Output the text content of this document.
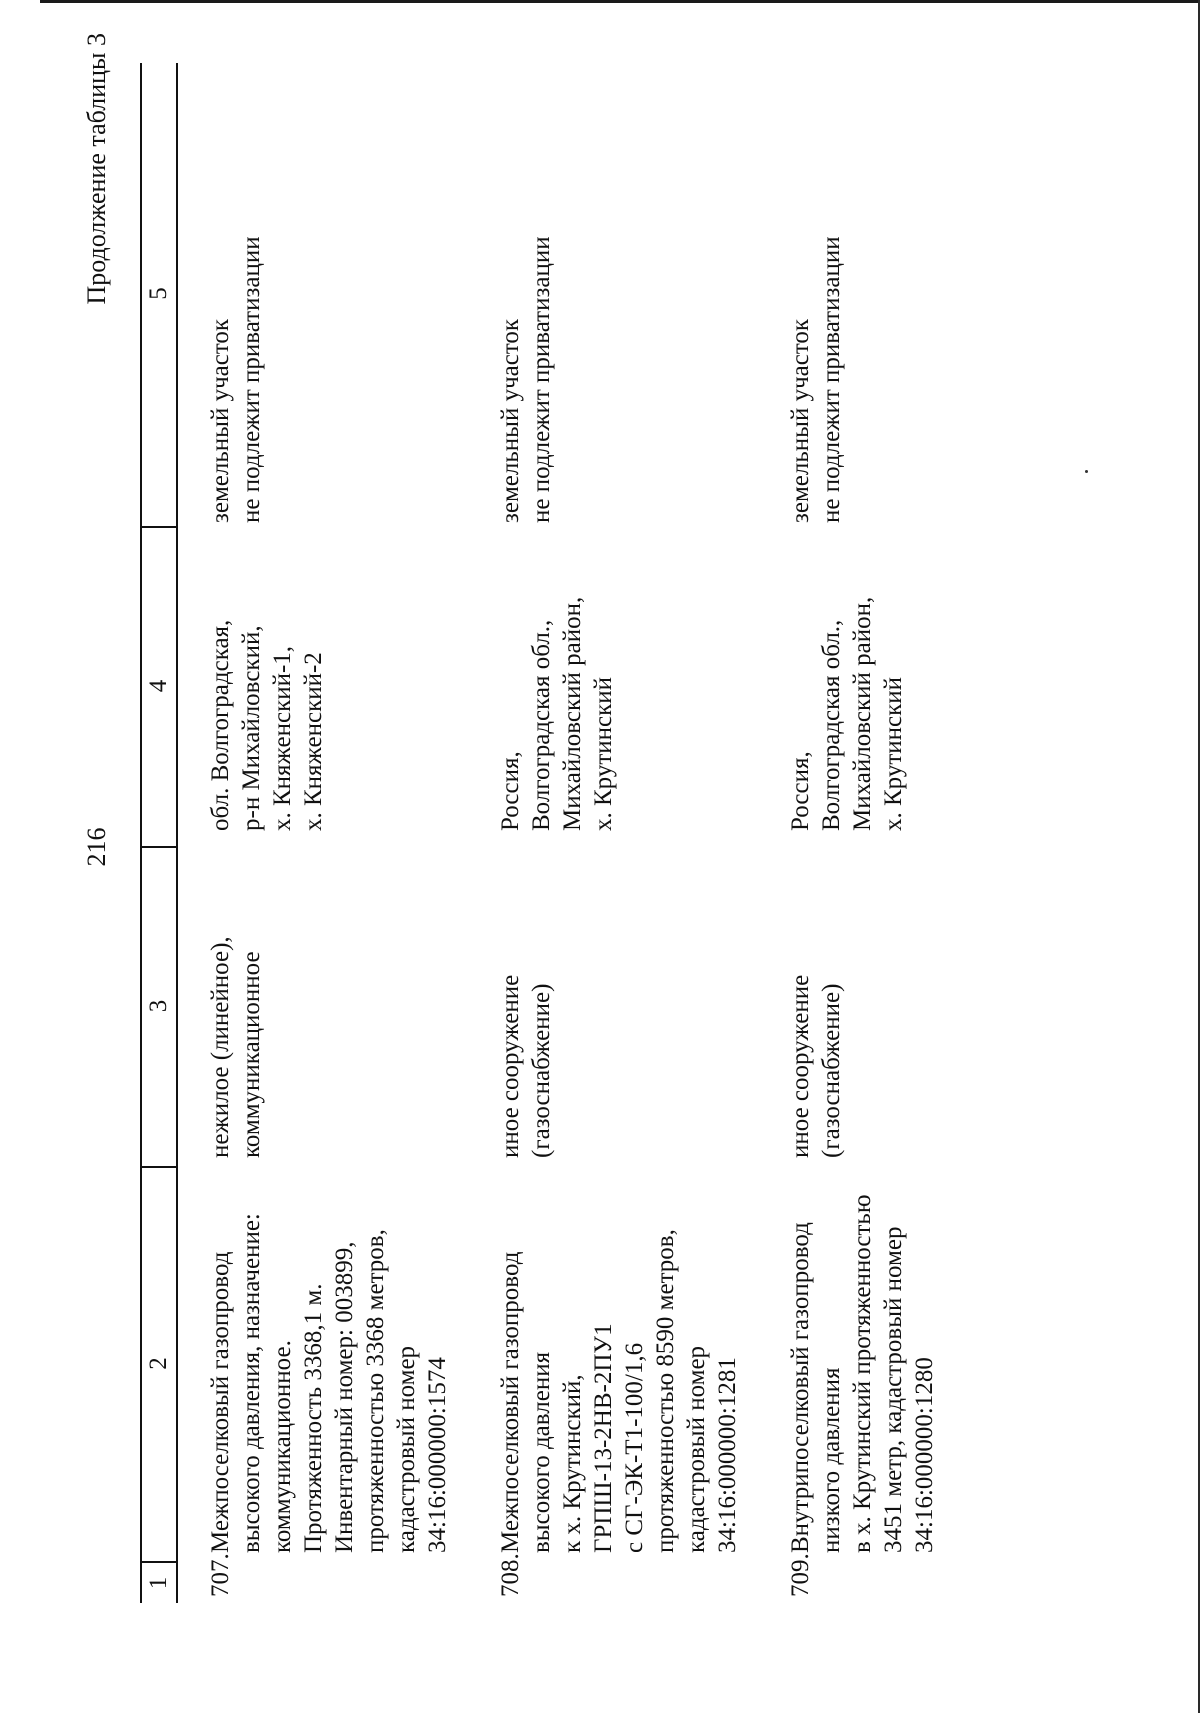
216
Продолжение таблицы 3
1
2
3
4
5
707.
Межпоселковый газопровод
высокого давления, назначение:
коммуникационное.
Протяженность 3368,1 м.
Инвентарный номер: 003899,
протяженностью 3368 метров,
кадастровый номер
34:16:000000:1574
нежилое (линейное),
коммуникационное
обл. Волгоградская,
р-н Михайловский,
х. Княженский-1,
х. Княженский-2
земельный участок
не подлежит приватизации
708.
Межпоселковый газопровод
высокого давления
к х. Крутинский,
ГРПШ-13-2НВ-2ПУ1
с СГ-ЭК-Т1-100/1,6
протяженностью 8590 метров,
кадастровый номер
34:16:000000:1281
иное сооружение
(газоснабжение)
Россия,
Волгоградская обл.,
Михайловский район,
х. Крутинский
земельный участок
не подлежит приватизации
709.
Внутрипоселковый газопровод
низкого давления
в х. Крутинский протяженностью
3451 метр, кадастровый номер
34:16:000000:1280
иное сооружение
(газоснабжение)
Россия,
Волгоградская обл.,
Михайловский район,
х. Крутинский
земельный участок
не подлежит приватизации
